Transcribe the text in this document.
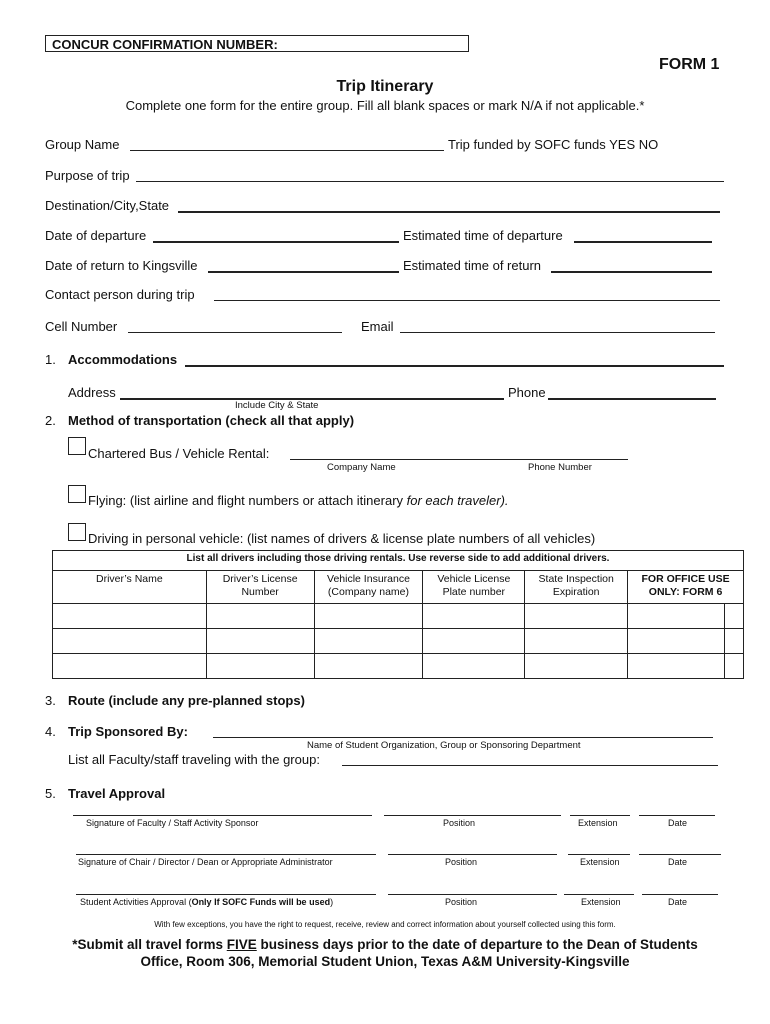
CONCUR CONFIRMATION NUMBER:
FORM 1
Trip Itinerary
Complete one form for the entire group. Fill all blank spaces or mark N/A if not applicable.*
Group Name	Trip funded by SOFC funds YES NO
Purpose of trip
Destination/City,State
Date of departure	Estimated time of departure
Date of return to Kingsville	Estimated time of return
Contact person during trip
Cell Number	Email
1. Accommodations
Address
Include City & State
Phone
2. Method of transportation (check all that apply)
Chartered Bus / Vehicle Rental:
Company Name	Phone Number
Flying: (list airline and flight numbers or attach itinerary for each traveler).
Driving in personal vehicle: (list names of drivers & license plate numbers of all vehicles)
List all drivers including those driving rentals. Use reverse side to add additional drivers.						
Driver’s Name	Driver’s License Number	Vehicle Insurance (Company name)	Vehicle License Plate number	State Inspection Expiration	FOR OFFICE USE ONLY: FORM 6	

3. Route (include any pre-planned stops)
4. Trip Sponsored By:
Name of Student Organization, Group or Sponsoring Department
List all Faculty/staff traveling with the group:
5. Travel Approval
Signature of Faculty / Staff Activity Sponsor	Position	Extension	Date
Signature of Chair / Director / Dean or Appropriate Administrator	Position	Extension	Date
Student Activities Approval (Only If SOFC Funds will be used)	Position	Extension	Date
With few exceptions, you have the right to request, receive, review and correct information about yourself collected using this form.
*Submit all travel forms FIVE business days prior to the date of departure to the Dean of Students
Office, Room 306, Memorial Student Union, Texas A&M University-Kingsville
